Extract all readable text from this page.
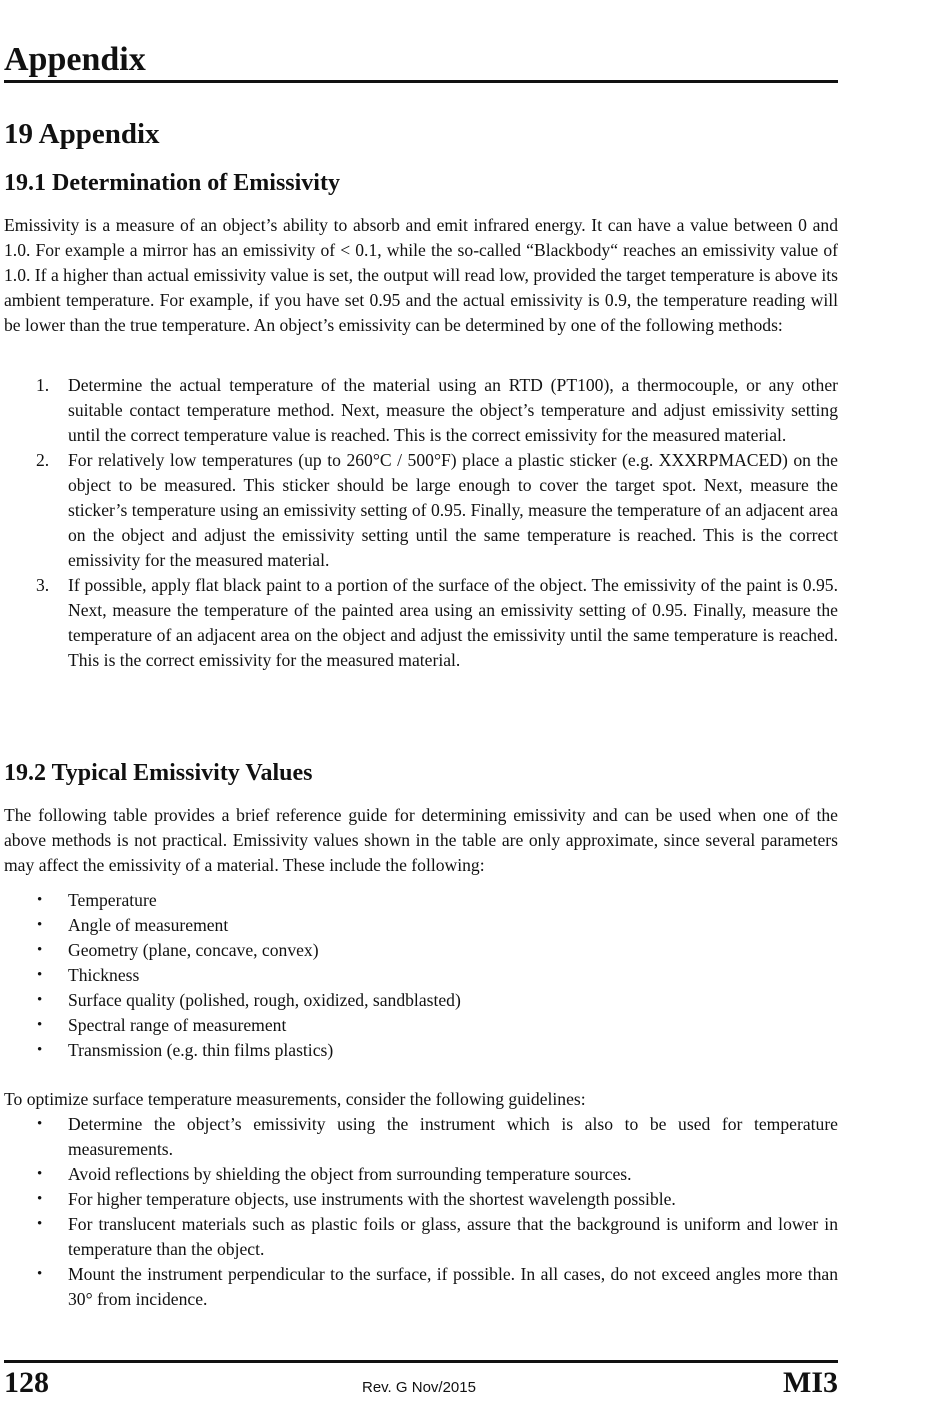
Appendix
19 Appendix
19.1 Determination of Emissivity

Emissivity is a measure of an object’s ability to absorb and emit infrared energy. It can have a value between 0 and 1.0. For example a mirror has an emissivity of < 0.1, while the so-called “Blackbody“ reaches an emissivity value of 1.0. If a higher than actual emissivity value is set, the output will read low, provided the target temperature is above its ambient temperature. For example, if you have set 0.95 and the actual emissivity is 0.9, the temperature reading will be lower than the true temperature. An object’s emissivity can be determined by one of the following methods:

1. Determine the actual temperature of the material using an RTD (PT100), a thermocouple, or any other suitable contact temperature method. Next, measure the object’s temperature and adjust emissivity setting until the correct temperature value is reached. This is the correct emissivity for the measured material.
2. For relatively low temperatures (up to 260°C / 500°F) place a plastic sticker (e.g. XXXRPMACED) on the object to be measured. This sticker should be large enough to cover the target spot. Next, measure the sticker’s temperature using an emissivity setting of 0.95. Finally, measure the temperature of an adjacent area on the object and adjust the emissivity setting until the same temperature is reached. This is the correct emissivity for the measured material.
3. If possible, apply flat black paint to a portion of the surface of the object. The emissivity of the paint is 0.95. Next, measure the temperature of the painted area using an emissivity setting of 0.95. Finally, measure the temperature of an adjacent area on the object and adjust the emissivity until the same temperature is reached. This is the correct emissivity for the measured material.
19.2 Typical Emissivity Values

The following table provides a brief reference guide for determining emissivity and can be used when one of the above methods is not practical. Emissivity values shown in the table are only approximate, since several parameters may affect the emissivity of a material. These include the following:

• Temperature
• Angle of measurement
• Geometry (plane, concave, convex)
• Thickness
• Surface quality (polished, rough, oxidized, sandblasted)
• Spectral range of measurement
• Transmission (e.g. thin films plastics)

To optimize surface temperature measurements, consider the following guidelines:

• Determine the object’s emissivity using the instrument which is also to be used for temperature measurements.
• Avoid reflections by shielding the object from surrounding temperature sources.
• For higher temperature objects, use instruments with the shortest wavelength possible.
• For translucent materials such as plastic foils or glass, assure that the background is uniform and lower in temperature than the object.
• Mount the instrument perpendicular to the surface, if possible. In all cases, do not exceed angles more than 30° from incidence.
128	Rev. G Nov/2015	MI3
